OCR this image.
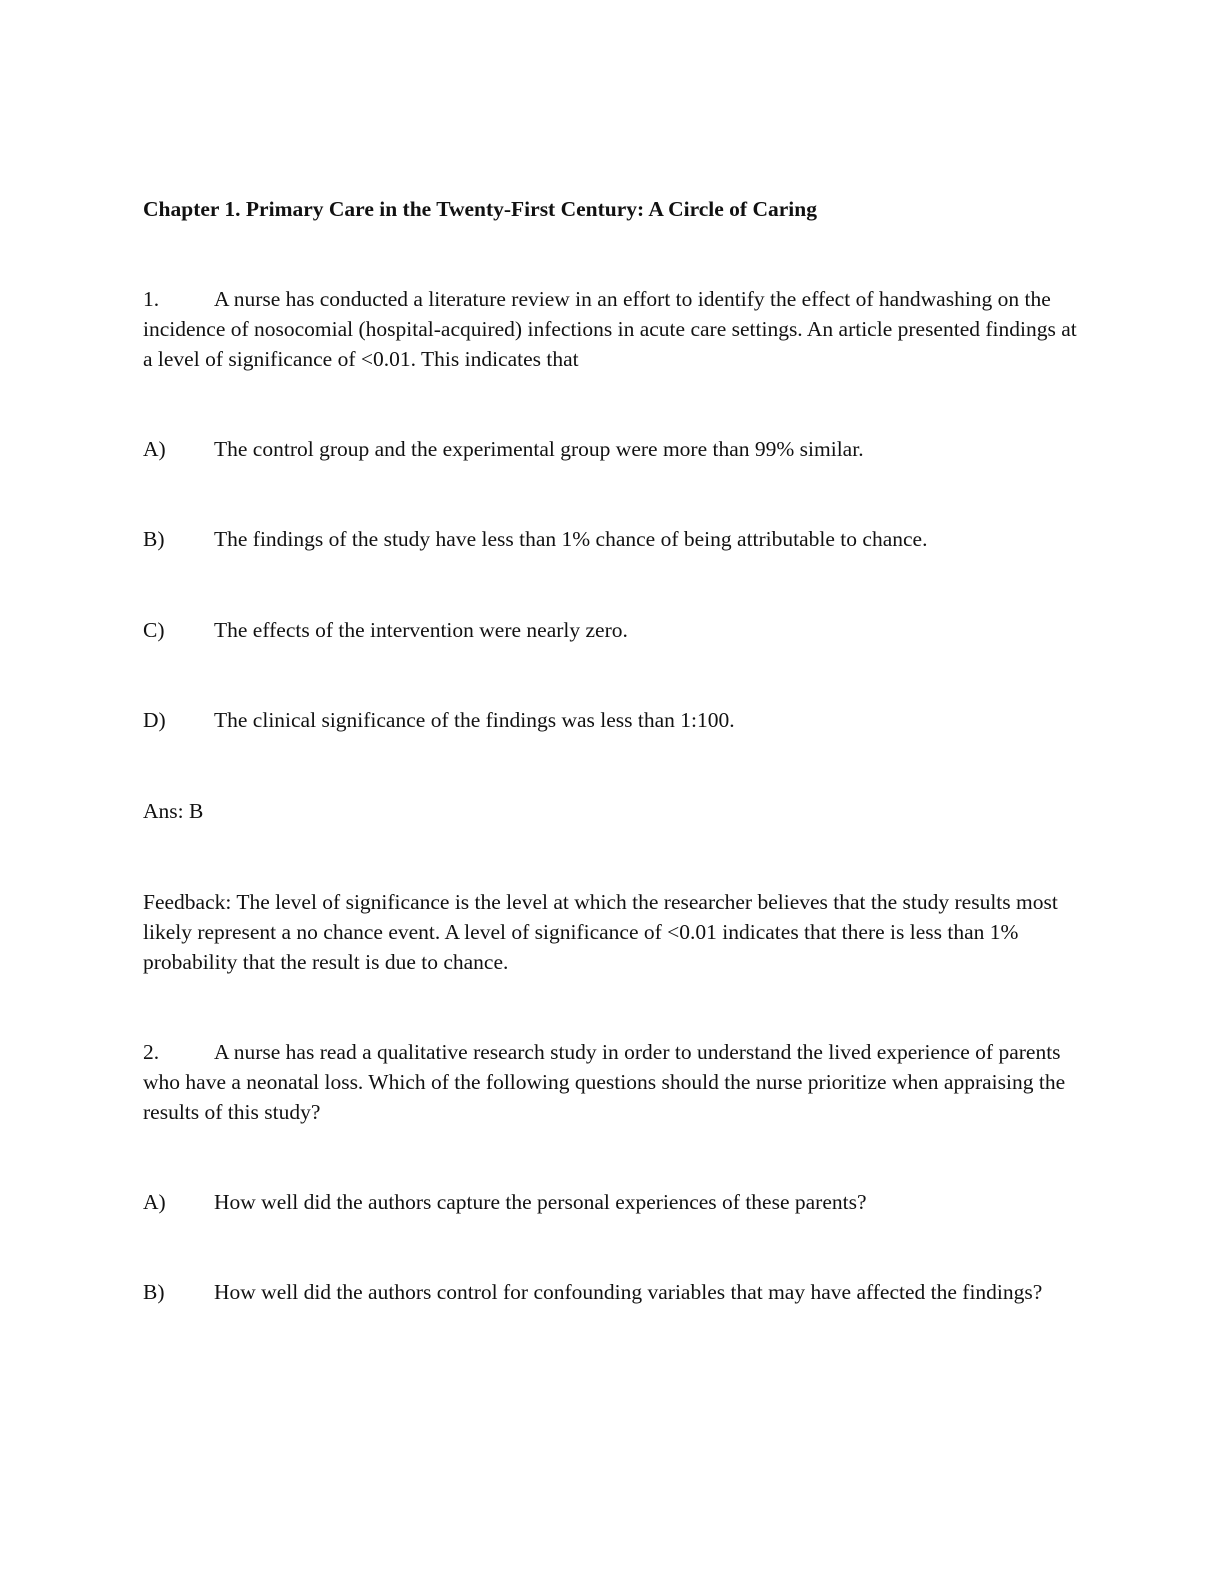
Chapter 1. Primary Care in the Twenty-First Century: A Circle of Caring
1.	A nurse has conducted a literature review in an effort to identify the effect of handwashing on the incidence of nosocomial (hospital-acquired) infections in acute care settings. An article presented findings at a level of significance of <0.01. This indicates that
A) The control group and the experimental group were more than 99% similar.
B) The findings of the study have less than 1% chance of being attributable to chance.
C) The effects of the intervention were nearly zero.
D) The clinical significance of the findings was less than 1:100.
Ans: B
Feedback: The level of significance is the level at which the researcher believes that the study results most likely represent a no chance event. A level of significance of <0.01 indicates that there is less than 1% probability that the result is due to chance.
2.	A nurse has read a qualitative research study in order to understand the lived experience of parents who have a neonatal loss. Which of the following questions should the nurse prioritize when appraising the results of this study?
A) How well did the authors capture the personal experiences of these parents?
B) How well did the authors control for confounding variables that may have affected the findings?
